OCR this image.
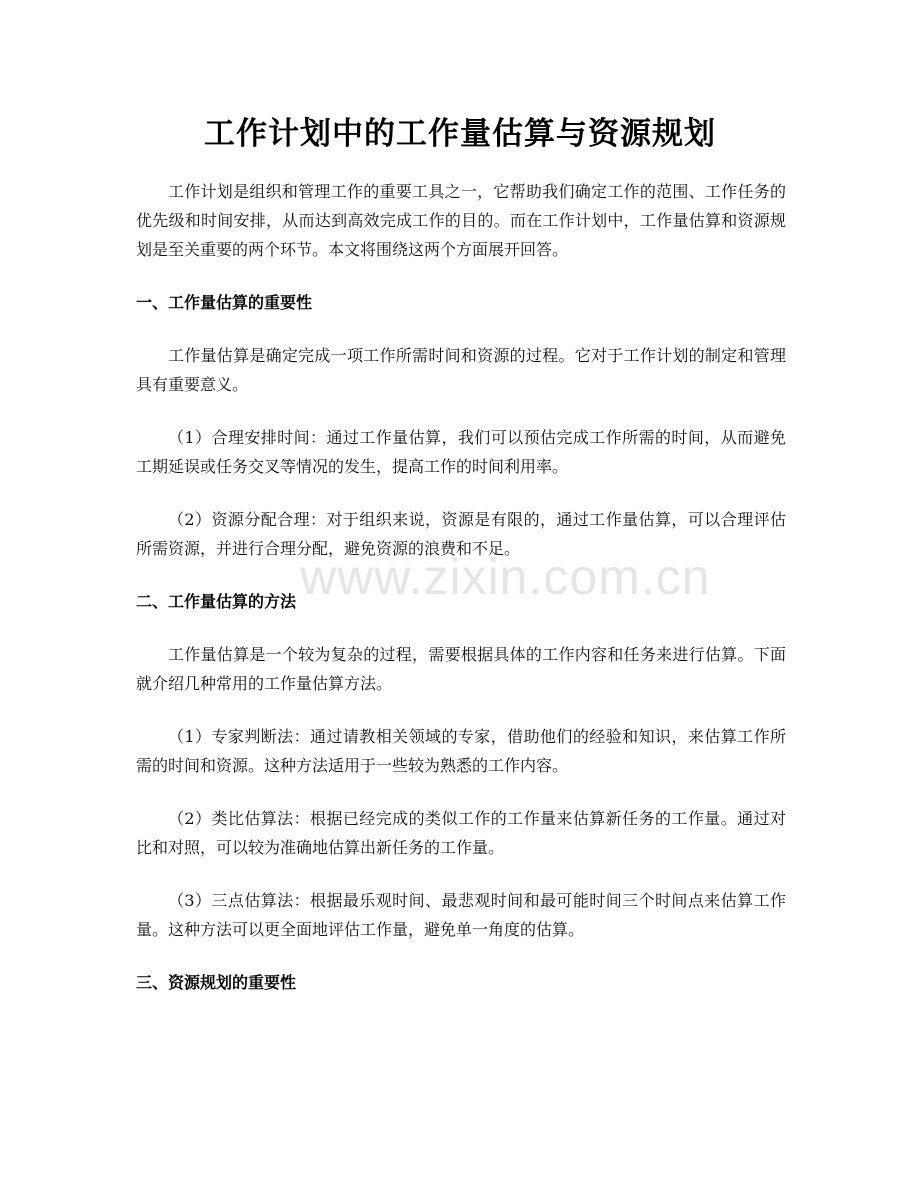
工作计划中的工作量估算与资源规划

工作计划是组织和管理工作的重要工具之一，它帮助我们确定工作的范围、工作任务的优先级和时间安排，从而达到高效完成工作的目的。而在工作计划中，工作量估算和资源规划是至关重要的两个环节。本文将围绕这两个方面展开回答。

一、工作量估算的重要性

工作量估算是确定完成一项工作所需时间和资源的过程。它对于工作计划的制定和管理具有重要意义。

（1）合理安排时间：通过工作量估算，我们可以预估完成工作所需的时间，从而避免工期延误或任务交叉等情况的发生，提高工作的时间利用率。

（2）资源分配合理：对于组织来说，资源是有限的，通过工作量估算，可以合理评估所需资源，并进行合理分配，避免资源的浪费和不足。

二、工作量估算的方法

工作量估算是一个较为复杂的过程，需要根据具体的工作内容和任务来进行估算。下面就介绍几种常用的工作量估算方法。

（1）专家判断法：通过请教相关领域的专家，借助他们的经验和知识，来估算工作所需的时间和资源。这种方法适用于一些较为熟悉的工作内容。

（2）类比估算法：根据已经完成的类似工作的工作量来估算新任务的工作量。通过对比和对照，可以较为准确地估算出新任务的工作量。

（3）三点估算法：根据最乐观时间、最悲观时间和最可能时间三个时间点来估算工作量。这种方法可以更全面地评估工作量，避免单一角度的估算。

三、资源规划的重要性
www.zixin.com.cn
